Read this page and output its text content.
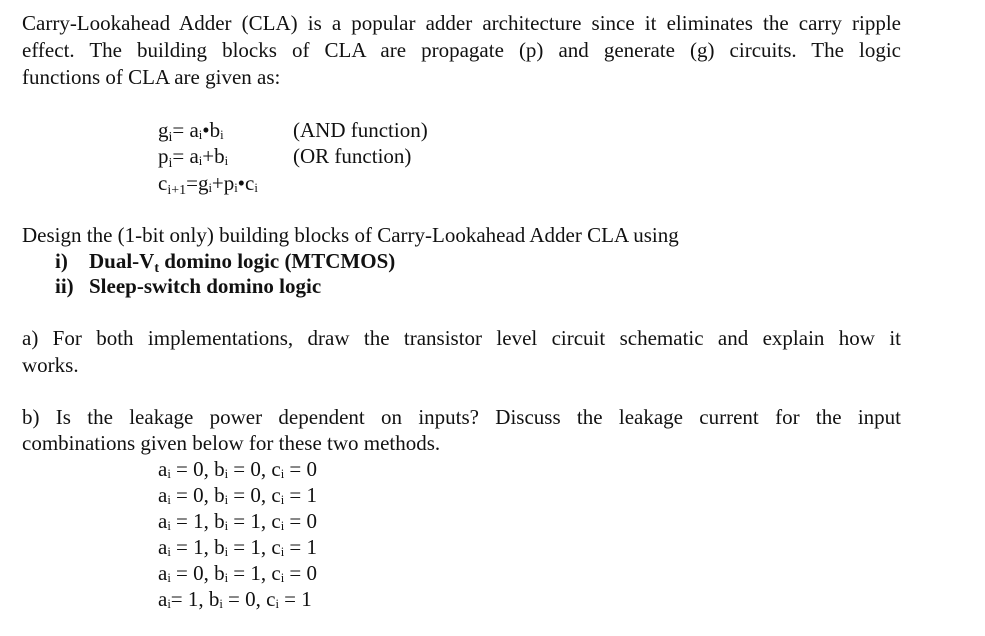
Carry-Lookahead Adder (CLA) is a popular adder architecture since it eliminates the carry ripple
effect. The building blocks of CLA are propagate (p) and generate (g) circuits. The logic
functions of CLA are given as:
$g_i=$ aᵢ•bᵢ	(AND function)
$p_i=$ aᵢ+bᵢ	(OR function)
$c_{i+1}=gᵢ+pᵢ•cᵢ$
Design the (1-bit only) building blocks of Carry-Lookahead Adder CLA using
i) Dual-$V_t$ domino logic (MTCMOS)
ii) Sleep-switch domino logic
a) For both implementations, draw the transistor level circuit schematic and explain how it
works.
b) Is the leakage power dependent on inputs? Discuss the leakage current for the input
combinations given below for these two methods.
aᵢ = 0, bᵢ = 0, cᵢ = 0
aᵢ = 0, bᵢ = 0, cᵢ = 1
aᵢ = 1, bᵢ = 1, cᵢ = 0
aᵢ = 1, bᵢ = 1, cᵢ = 1
aᵢ = 0, bᵢ = 1, cᵢ = 0
aᵢ= 1, bᵢ = 0, cᵢ = 1
